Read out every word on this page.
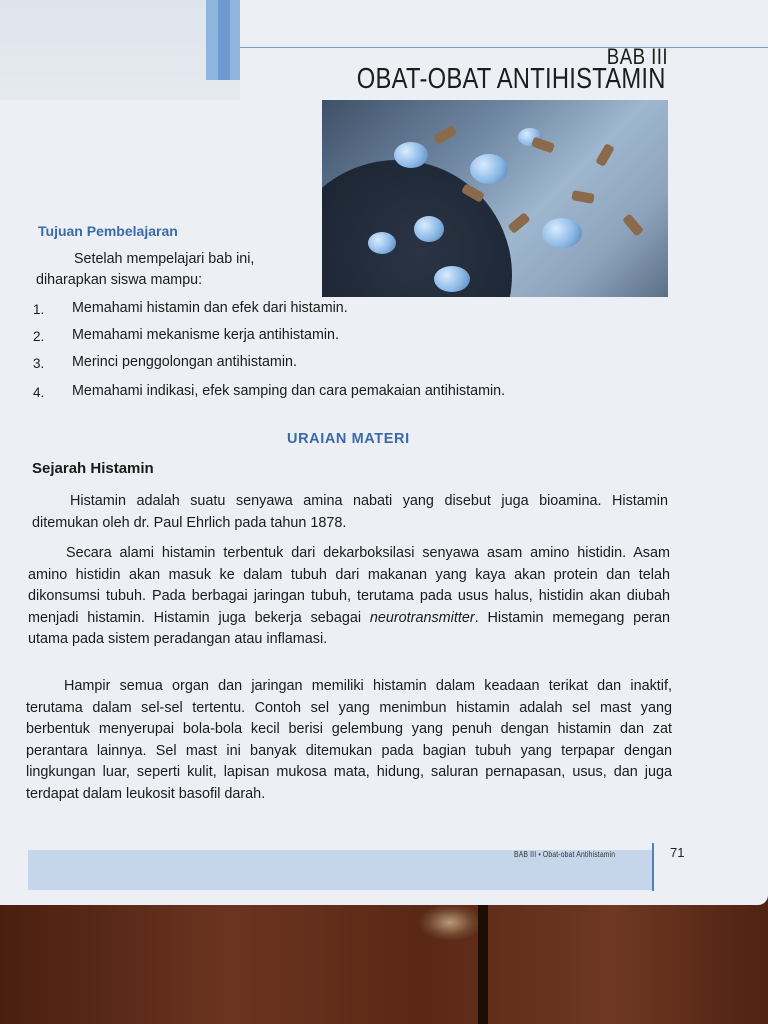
BAB III
OBAT-OBAT ANTIHISTAMIN
Tujuan Pembelajaran
Setelah mempelajari bab ini,
diharapkan siswa mampu:
1. Memahami histamin dan efek dari histamin.
2. Memahami mekanisme kerja antihistamin.
3. Merinci penggolongan antihistamin.
4. Memahami indikasi, efek samping dan cara pemakaian antihistamin.
URAIAN MATERI
Sejarah Histamin
Histamin adalah suatu senyawa amina nabati yang disebut juga bioamina. Histamin ditemukan oleh dr. Paul Ehrlich pada tahun 1878.
Secara alami histamin terbentuk dari dekarboksilasi senyawa asam amino histidin. Asam amino histidin akan masuk ke dalam tubuh dari makanan yang kaya akan protein dan telah dikonsumsi tubuh. Pada berbagai jaringan tubuh, terutama pada usus halus, histidin akan diubah menjadi histamin. Histamin juga bekerja sebagai neurotransmitter. Histamin memegang peran utama pada sistem peradangan atau inflamasi.
Hampir semua organ dan jaringan memiliki histamin dalam keadaan terikat dan inaktif, terutama dalam sel-sel tertentu. Contoh sel yang menimbun histamin adalah sel mast yang berbentuk menyerupai bola-bola kecil berisi gelembung yang penuh dengan histamin dan zat perantara lainnya. Sel mast ini banyak ditemukan pada bagian tubuh yang terpapar dengan lingkungan luar, seperti kulit, lapisan mukosa mata, hidung, saluran pernapasan, usus, dan juga terdapat dalam leukosit basofil darah.
BAB III • Obat-obat Antihistamin	71
